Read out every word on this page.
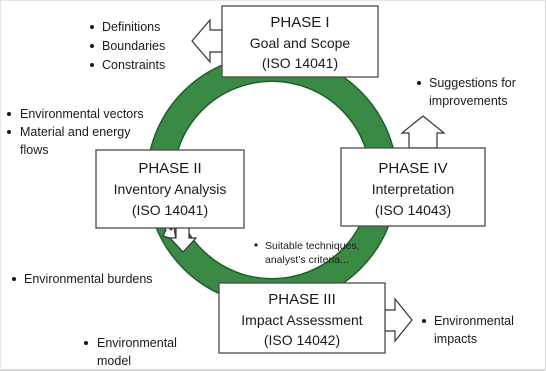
PHASE I
Goal and Scope
(ISO 14041)
PHASE II
Inventory Analysis
(ISO 14041)
PHASE III
Impact Assessment
(ISO 14042)
PHASE IV
Interpretation
(ISO 14043)
Definitions
Boundaries
Constraints
Environmental vectors
Material and energy
flows
Suggestions for
improvements
Suitable techniques,
analyst’s criteria...
Environmental burdens
Environmental
model
Environmental
impacts
